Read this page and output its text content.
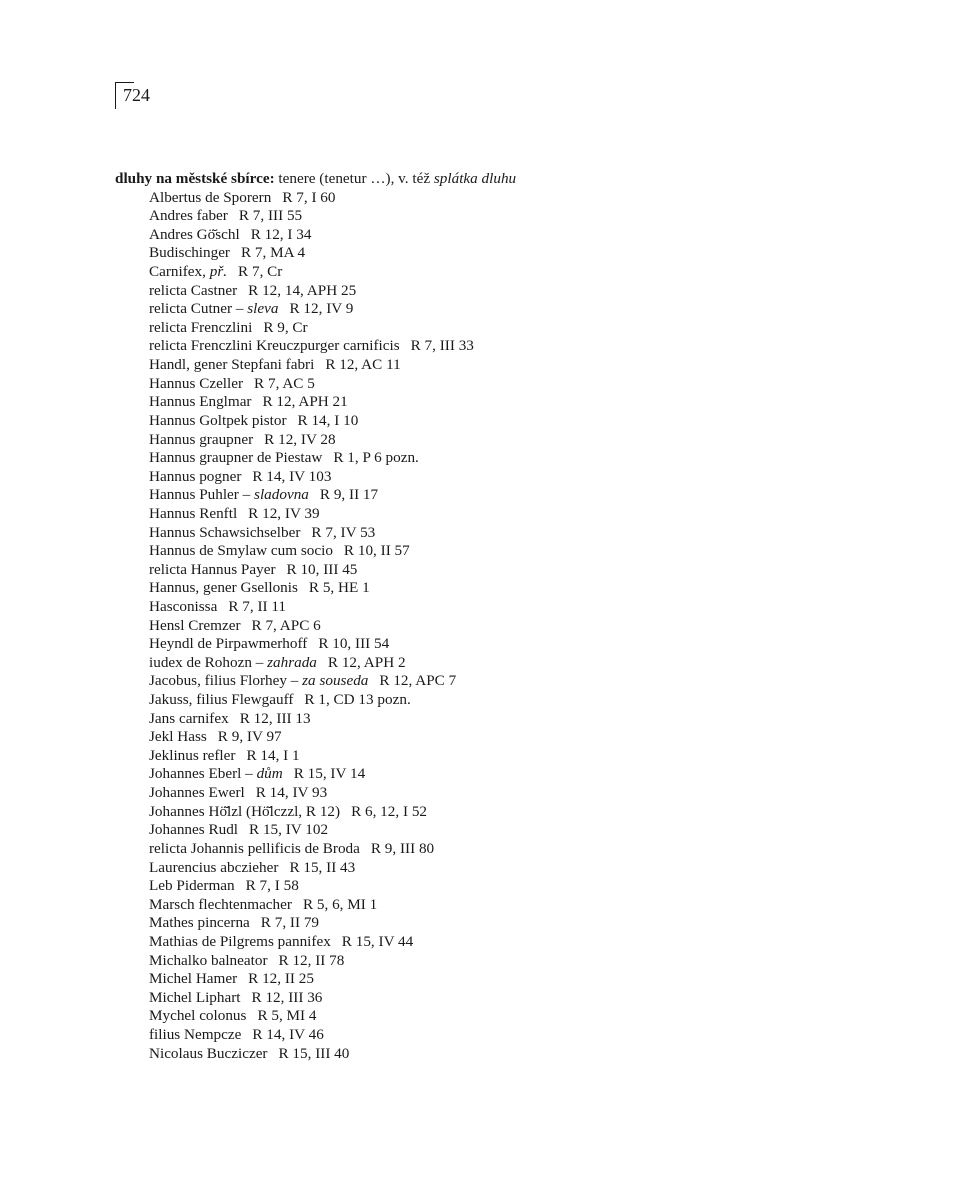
724
dluhy na městské sbírce: tenere (tenetur …), v. též splátka dluhu
Albertus de Sporern R 7, I 60
Andres faber R 7, III 55
Andres Gö̆schl R 12, I 34
Budischinger R 7, MA 4
Carnifex, př. R 7, Cr
relicta Castner R 12, 14, APH 25
relicta Cutner – sleva R 12, IV 9
relicta Frenczlini R 9, Cr
relicta Frenczlini Kreuczpurger carnificis R 7, III 33
Handl, gener Stepfani fabri R 12, AC 11
Hannus Czeller R 7, AC 5
Hannus Englmar R 12, APH 21
Hannus Goltpek pistor R 14, I 10
Hannus graupner R 12, IV 28
Hannus graupner de Piestaw R 1, P 6 pozn.
Hannus pogner R 14, IV 103
Hannus Puhler – sladovna R 9, II 17
Hannus Renftl R 12, IV 39
Hannus Schawsichselber R 7, IV 53
Hannus de Smylaw cum socio R 10, II 57
relicta Hannus Payer R 10, III 45
Hannus, gener Gsellonis R 5, HE 1
Hasconissa R 7, II 11
Hensl Cremzer R 7, APC 6
Heyndl de Pirpawmerhoff R 10, III 54
iudex de Rohozn – zahrada R 12, APH 2
Jacobus, filius Florhey – za souseda R 12, APC 7
Jakuss, filius Flewgauff R 1, CD 13 pozn.
Jans carnifex R 12, III 13
Jekl Hass R 9, IV 97
Jeklinus refler R 14, I 1
Johannes Eberl – dům R 15, IV 14
Johannes Ewerl R 14, IV 93
Johannes Hö̆lzl (Hö̆lczzl, R 12) R 6, 12, I 52
Johannes Rudl R 15, IV 102
relicta Johannis pellificis de Broda R 9, III 80
Laurencius abczieher R 15, II 43
Leb Piderman R 7, I 58
Marsch flechtenmacher R 5, 6, MI 1
Mathes pincerna R 7, II 79
Mathias de Pilgrems pannifex R 15, IV 44
Michalko balneator R 12, II 78
Michel Hamer R 12, II 25
Michel Liphart R 12, III 36
Mychel colonus R 5, MI 4
filius Nempcze R 14, IV 46
Nicolaus Bucziczer R 15, III 40
